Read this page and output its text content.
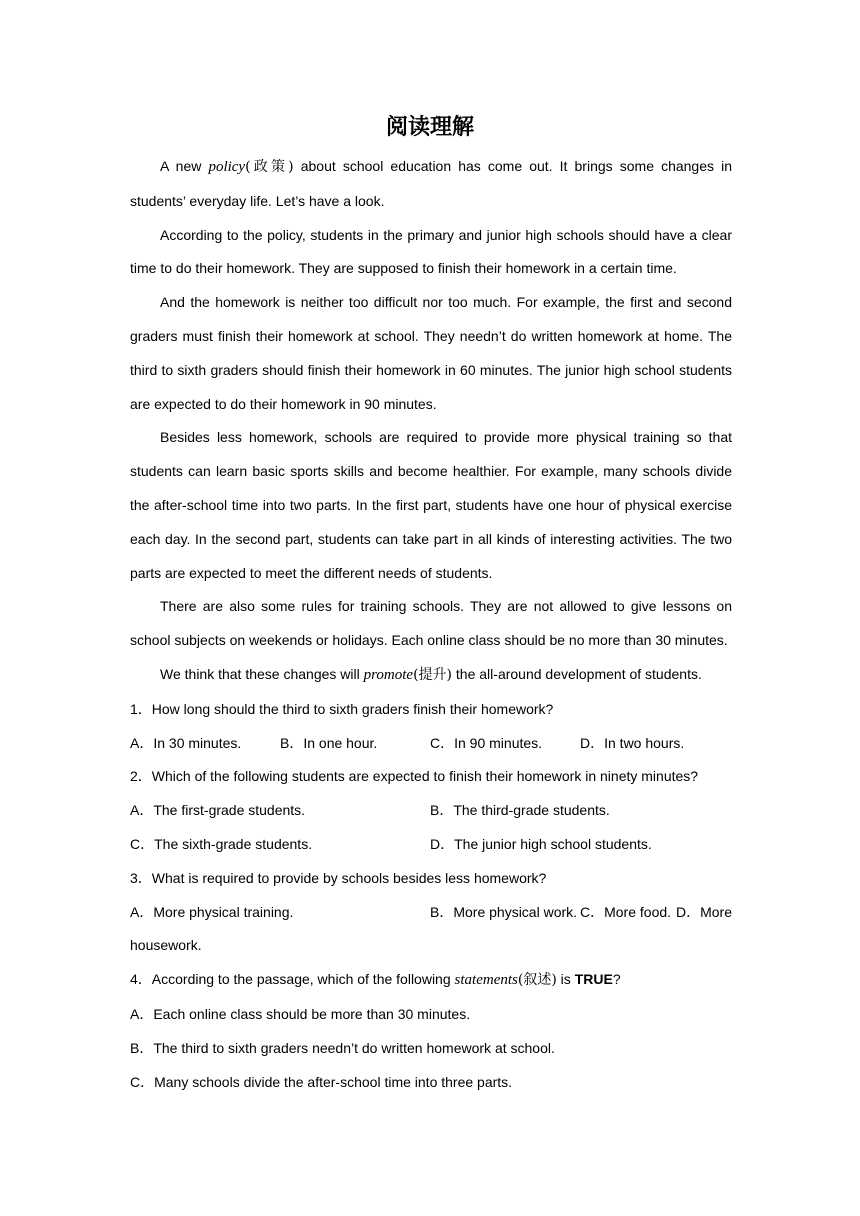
阅读理解

A new policy(政策) about school education has come out. It brings some changes in students’ everyday life. Let’s have a look.

According to the policy, students in the primary and junior high schools should have a clear time to do their homework. They are supposed to finish their homework in a certain time.

And the homework is neither too difficult nor too much. For example, the first and second graders must finish their homework at school. They needn’t do written homework at home. The third to sixth graders should finish their homework in 60 minutes. The junior high school students are expected to do their homework in 90 minutes.

Besides less homework, schools are required to provide more physical training so that students can learn basic sports skills and become healthier. For example, many schools divide the after-school time into two parts. In the first part, students have one hour of physical exercise each day. In the second part, students can take part in all kinds of interesting activities. The two parts are expected to meet the different needs of students.

There are also some rules for training schools. They are not allowed to give lessons on school subjects on weekends or holidays. Each online class should be no more than 30 minutes.

We think that these changes will promote(提升) the all-around development of students.

1．How long should the third to sixth graders finish their homework?

A．In 30 minutes.	B．In one hour.	C．In 90 minutes.	D．In two hours.

2．Which of the following students are expected to finish their homework in ninety minutes?

A．The first-grade students.	B．The third-grade students.
C．The sixth-grade students.	D．The junior high school students.

3．What is required to provide by schools besides less homework?

A．More physical training.	B．More physical work. C．More food. D．More

housework.

4．According to the passage, which of the following statements(叙述) is TRUE?

A．Each online class should be more than 30 minutes.

B．The third to sixth graders needn’t do written homework at school.

C．Many schools divide the after-school time into three parts.
